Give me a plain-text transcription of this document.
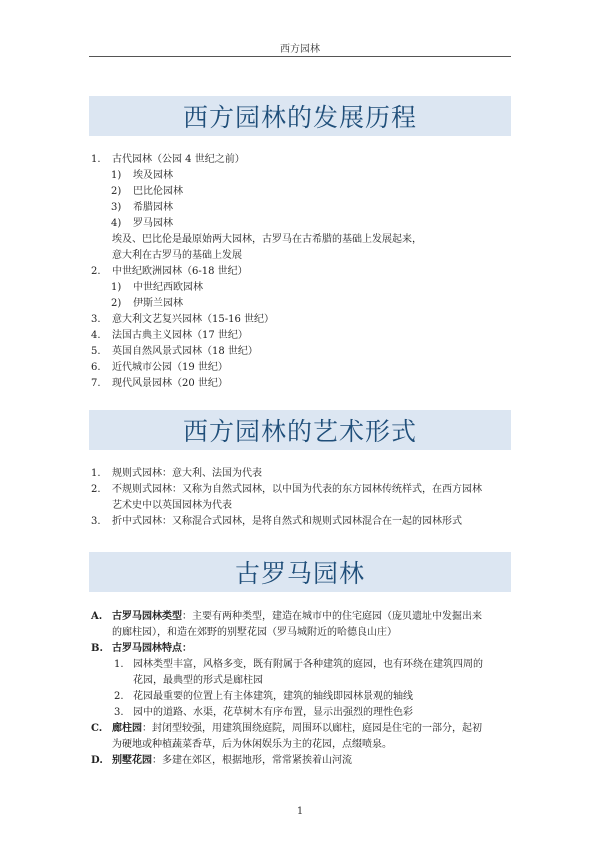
西方园林
西方园林的发展历程
1. 古代园林（公园 4 世纪之前）
1) 埃及园林
2) 巴比伦园林
3) 希腊园林
4) 罗马园林
埃及、巴比伦是最原始两大园林，古罗马在古希腊的基础上发展起来，
意大利在古罗马的基础上发展
2. 中世纪欧洲园林（6-18 世纪）
1) 中世纪西欧园林
2) 伊斯兰园林
3. 意大利文艺复兴园林（15-16 世纪）
4. 法国古典主义园林（17 世纪）
5. 英国自然风景式园林（18 世纪）
6. 近代城市公园（19 世纪）
7. 现代风景园林（20 世纪）
西方园林的艺术形式
1. 规则式园林：意大利、法国为代表
2. 不规则式园林：又称为自然式园林，以中国为代表的东方园林传统样式，在西方园林
艺术史中以英国园林为代表
3. 折中式园林：又称混合式园林，是将自然式和规则式园林混合在一起的园林形式
古罗马园林
A. 古罗马园林类型：主要有两种类型，建造在城市中的住宅庭园（庞贝遗址中发掘出来
的廊柱园），和造在郊野的别墅花园（罗马城附近的哈德良山庄）
B. 古罗马园林特点：
1. 园林类型丰富，风格多变，既有附属于各种建筑的庭园，也有环绕在建筑四周的
花园，最典型的形式是廊柱园
2. 花园最重要的位置上有主体建筑，建筑的轴线即园林景观的轴线
3. 园中的道路、水渠，花草树木有序布置，显示出强烈的理性色彩
C. 廊柱园：封闭型较强，用建筑围绕庭院，周围环以廊柱，庭园是住宅的一部分，起初
为硬地或种植蔬菜香草，后为休闲娱乐为主的花园，点缀喷泉。
D. 别墅花园：多建在郊区，根据地形，常常紧挨着山河流
1
